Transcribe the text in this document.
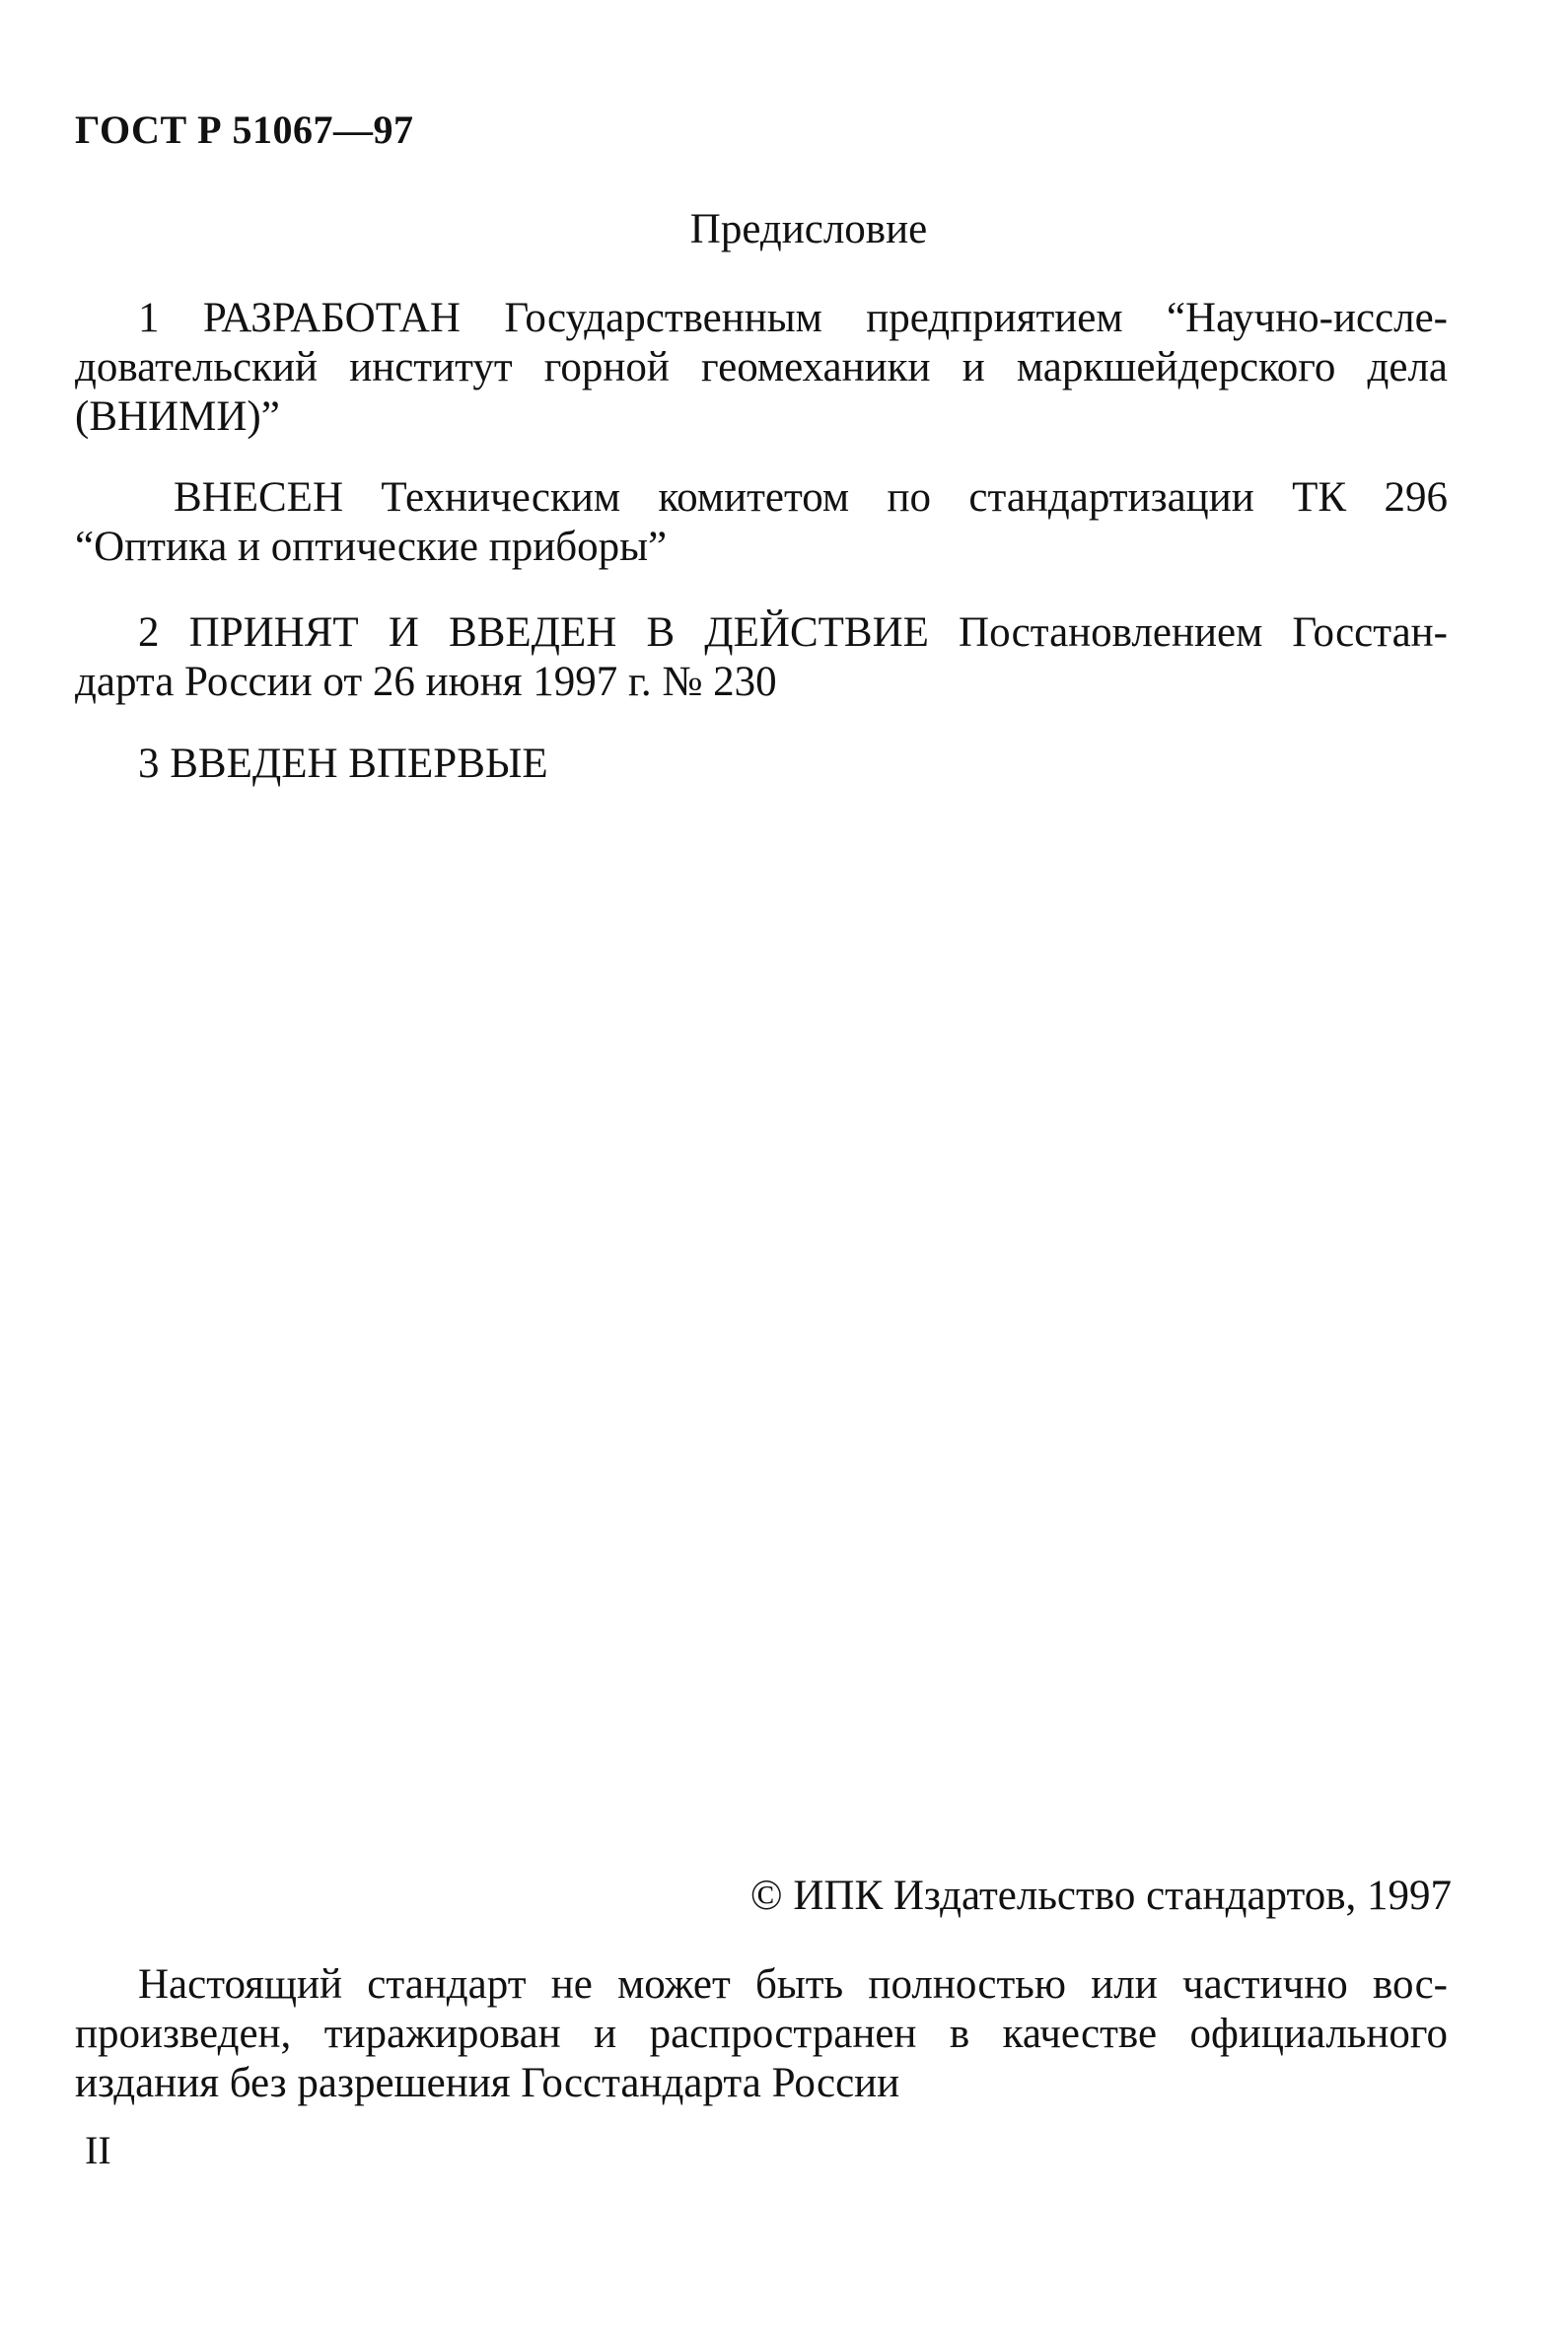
ГОСТ Р 51067—97

Предисловие
1 РАЗРАБОТАН Государственным предприятием “Научно-иссле-
довательский институт горной геомеханики и маркшейдерского дела
(ВНИМИ)”
ВНЕСЕН Техническим комитетом по стандартизации ТК 296
“Оптика и оптические приборы”
2 ПРИНЯТ И ВВЕДЕН В ДЕЙСТВИЕ Постановлением Госстан-
дарта России от 26 июня 1997 г. № 230
3 ВВЕДЕН ВПЕРВЫЕ

© ИПК Издательство стандартов, 1997

Настоящий стандарт не может быть полностью или частично вос-
произведен, тиражирован и распространен в качестве официального
издания без разрешения Госстандарта России

II
